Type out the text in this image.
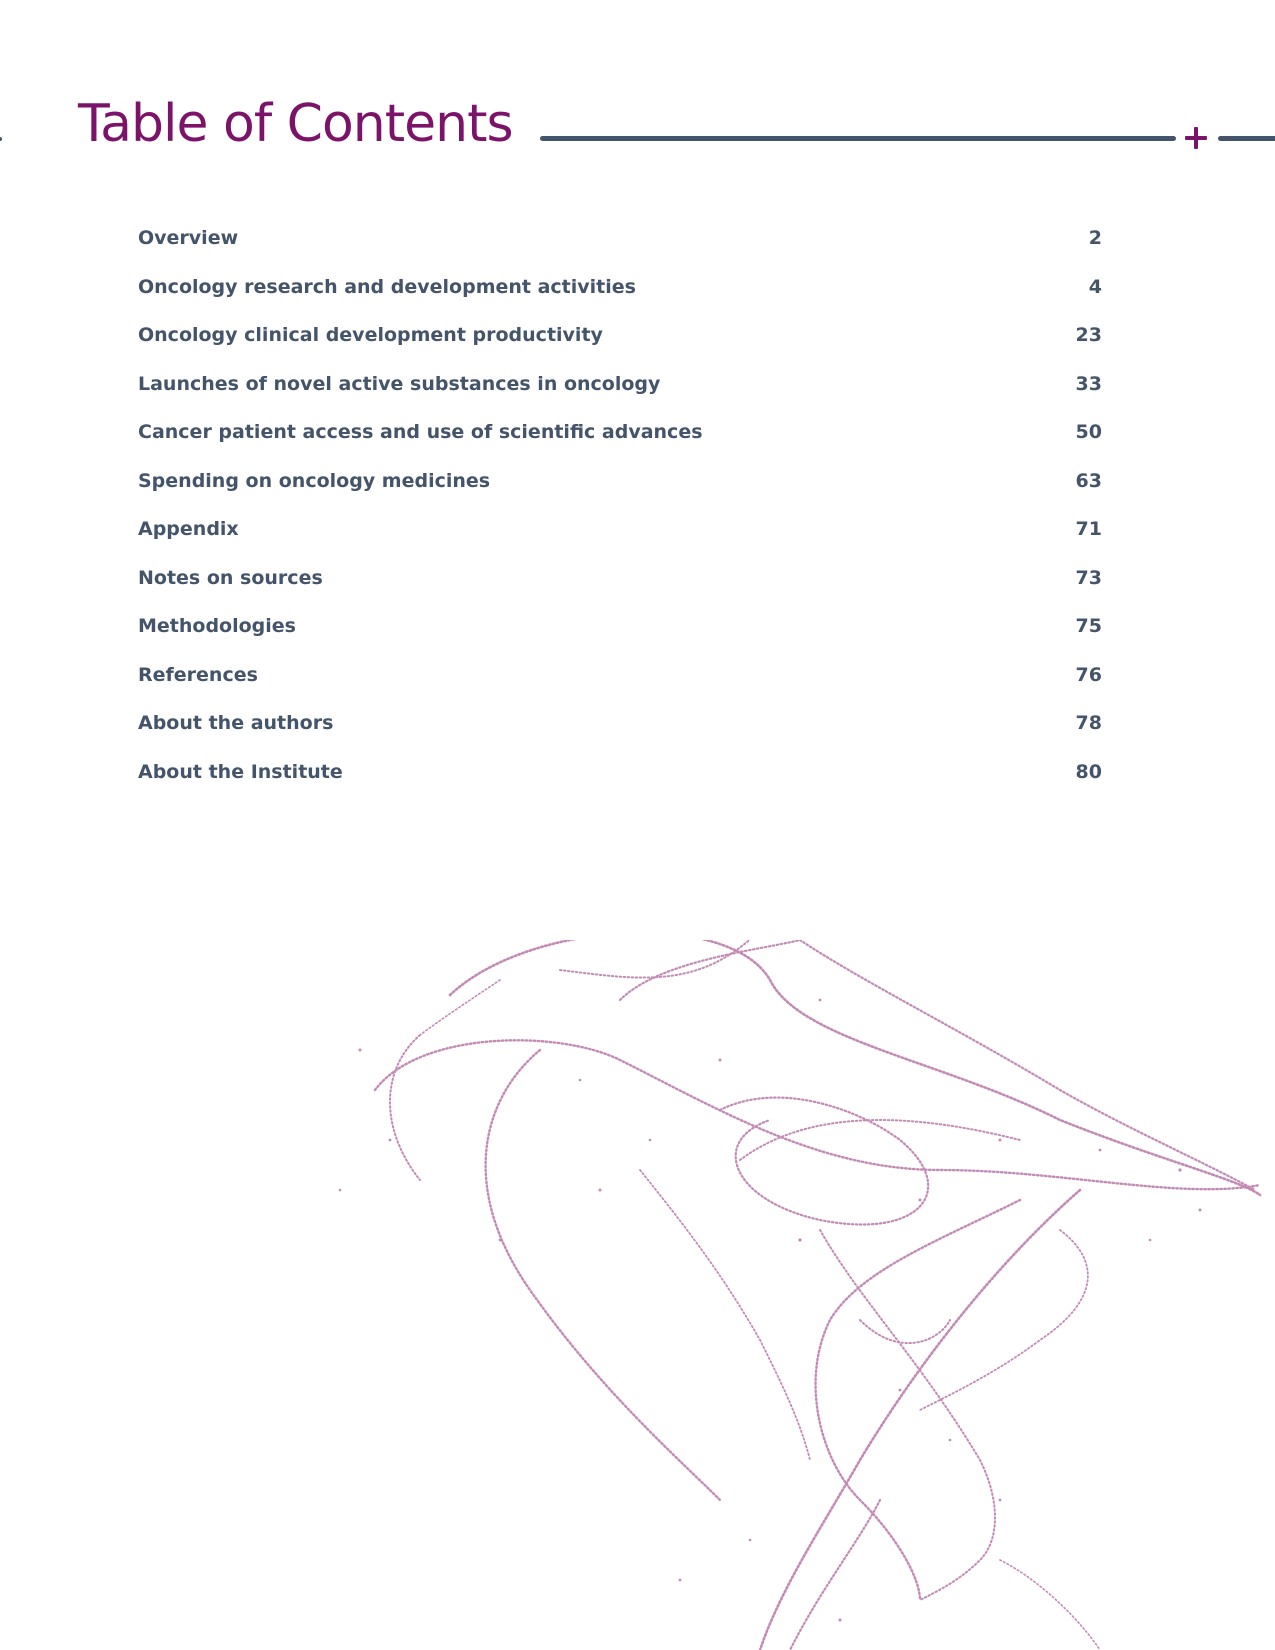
Table of Contents
Overview	2
Oncology research and development activities	4
Oncology clinical development productivity	23
Launches of novel active substances in oncology	33
Cancer patient access and use of scientific advances	50
Spending on oncology medicines	63
Appendix	71
Notes on sources	73
Methodologies	75
References	76
About the authors	78
About the Institute	80
